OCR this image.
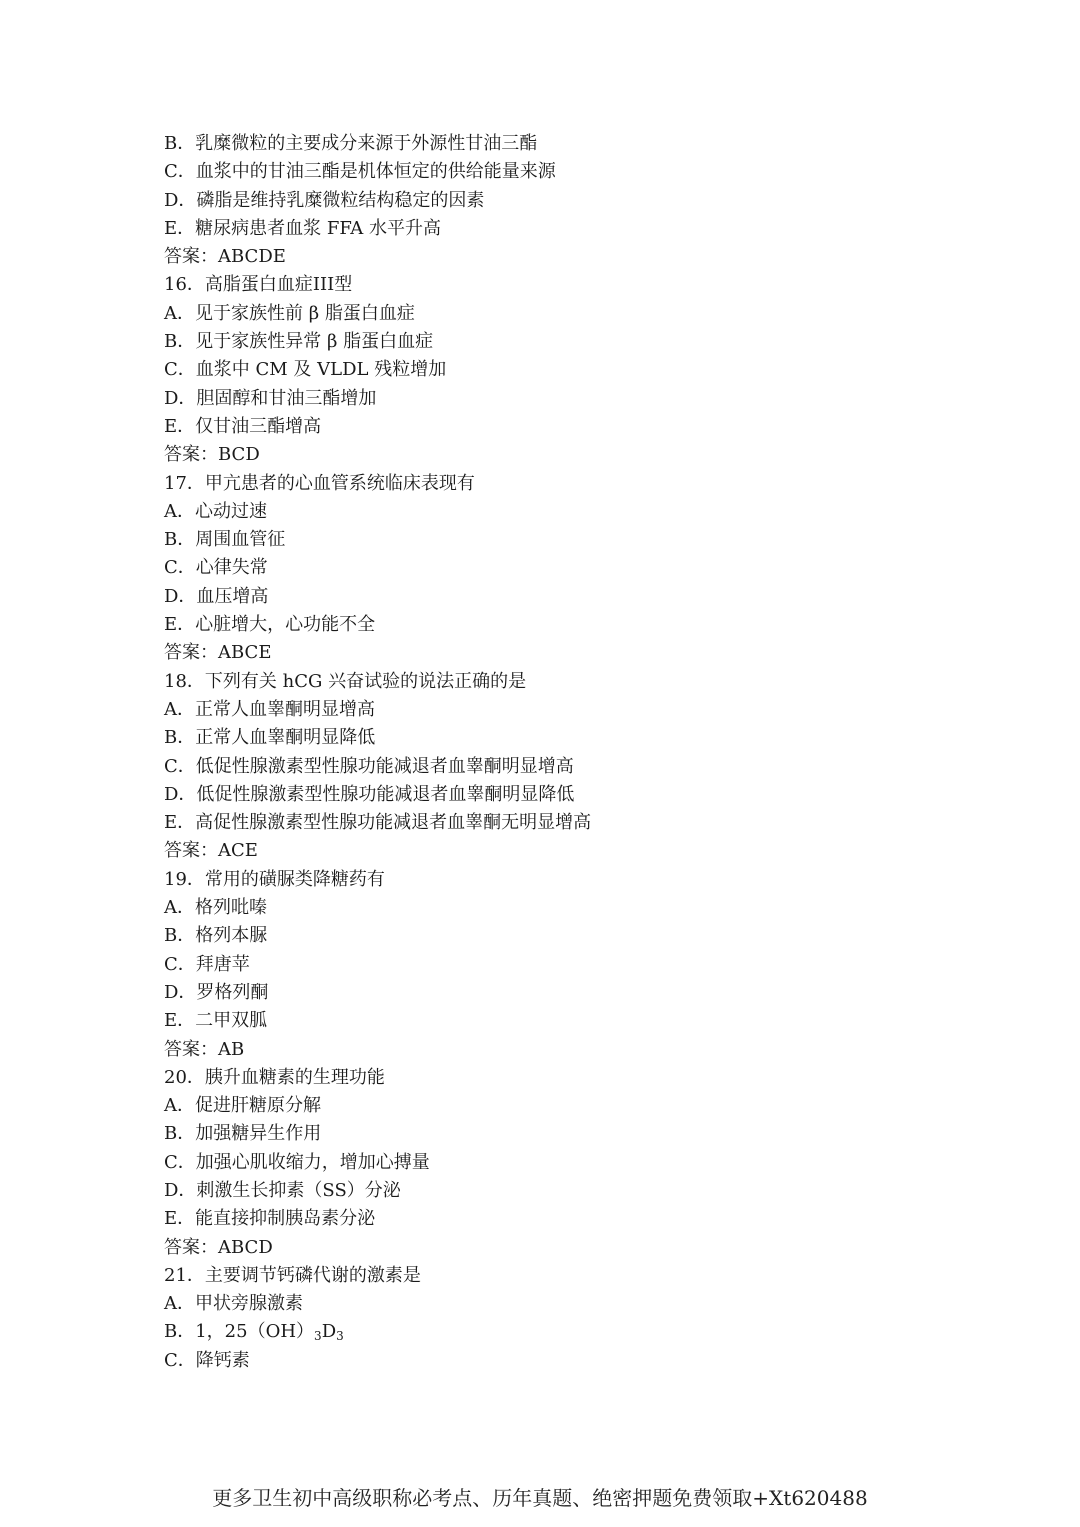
B．乳糜微粒的主要成分来源于外源性甘油三酯
C．血浆中的甘油三酯是机体恒定的供给能量来源
D．磷脂是维持乳糜微粒结构稳定的因素
E．糖尿病患者血浆 FFA 水平升高
答案：ABCDE
16．高脂蛋白血症III型
A．见于家族性前 β 脂蛋白血症
B．见于家族性异常 β 脂蛋白血症
C．血浆中 CM 及 VLDL 残粒增加
D．胆固醇和甘油三酯增加
E．仅甘油三酯增高
答案：BCD
17．甲亢患者的心血管系统临床表现有
A．心动过速
B．周围血管征
C．心律失常
D．血压增高
E．心脏增大，心功能不全
答案：ABCE
18．下列有关 hCG 兴奋试验的说法正确的是
A．正常人血睾酮明显增高
B．正常人血睾酮明显降低
C．低促性腺激素型性腺功能减退者血睾酮明显增高
D．低促性腺激素型性腺功能减退者血睾酮明显降低
E．高促性腺激素型性腺功能减退者血睾酮无明显增高
答案：ACE
19．常用的磺脲类降糖药有
A．格列吡嗪
B．格列本脲
C．拜唐苹
D．罗格列酮
E．二甲双胍
答案：AB
20．胰升血糖素的生理功能
A．促进肝糖原分解
B．加强糖异生作用
C．加强心肌收缩力，增加心搏量
D．刺激生长抑素（SS）分泌
E．能直接抑制胰岛素分泌
答案：ABCD
21．主要调节钙磷代谢的激素是
A．甲状旁腺激素
B．1，$25(OH)_3D_3$
C．降钙素
更多卫生初中高级职称必考点、历年真题、绝密押题免费领取+Xt620488
